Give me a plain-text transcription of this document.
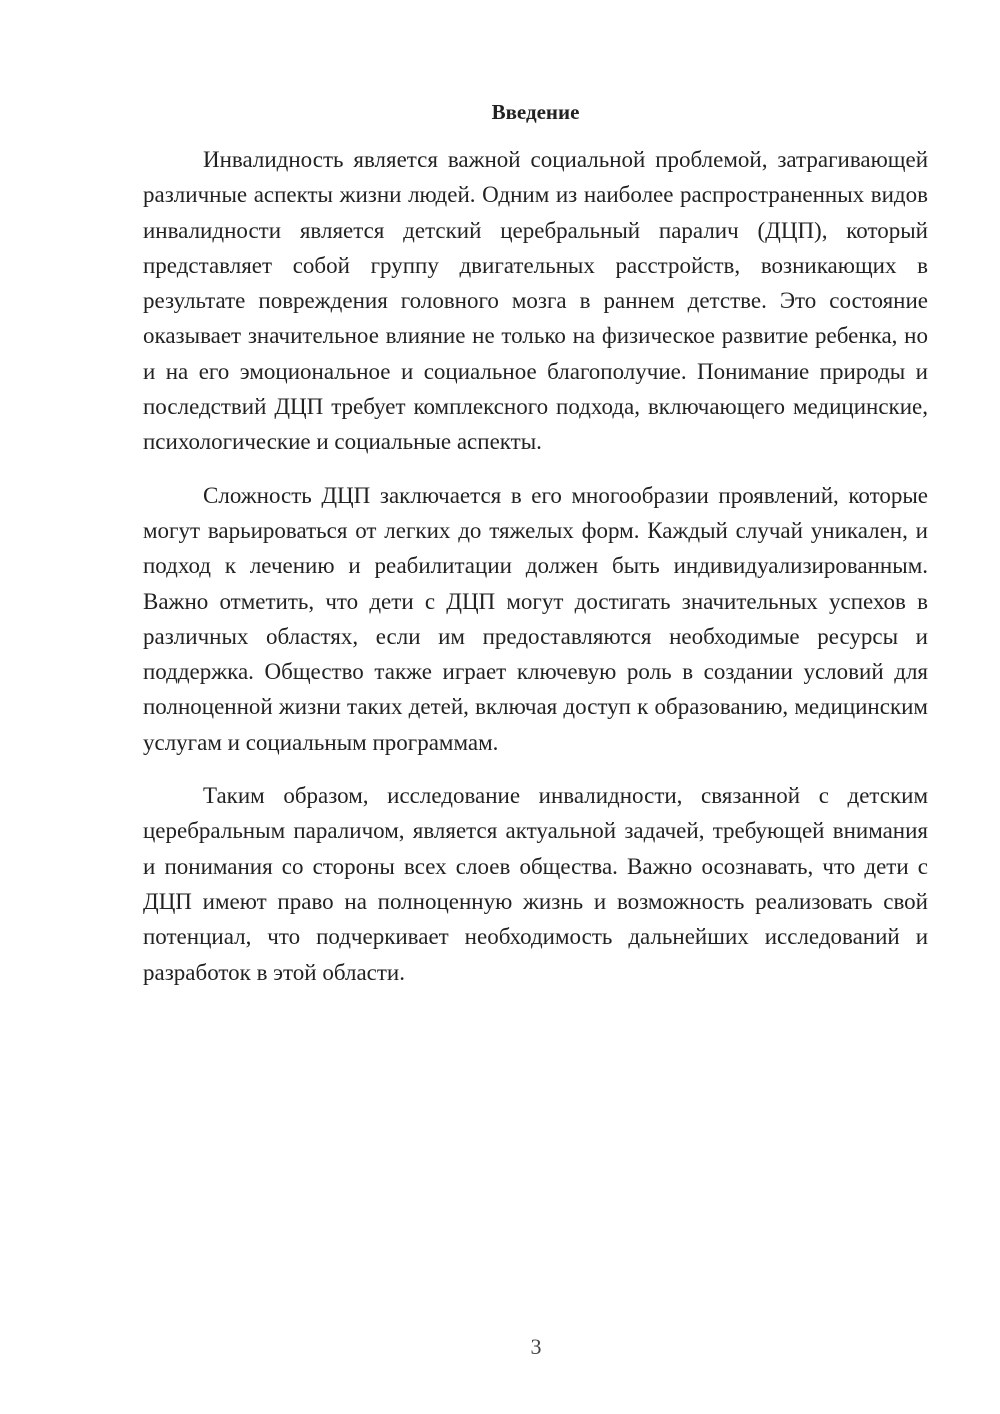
Введение

Инвалидность является важной социальной проблемой, затрагивающей различные аспекты жизни людей. Одним из наиболее распространенных видов инвалидности является детский церебральный паралич (ДЦП), который представляет собой группу двигательных расстройств, возникающих в результате повреждения головного мозга в раннем детстве. Это состояние оказывает значительное влияние не только на физическое развитие ребенка, но и на его эмоциональное и социальное благополучие. Понимание природы и последствий ДЦП требует комплексного подхода, включающего медицинские, психологические и социальные аспекты.

Сложность ДЦП заключается в его многообразии проявлений, которые могут варьироваться от легких до тяжелых форм. Каждый случай уникален, и подход к лечению и реабилитации должен быть индивидуализированным. Важно отметить, что дети с ДЦП могут достигать значительных успехов в различных областях, если им предоставляются необходимые ресурсы и поддержка. Общество также играет ключевую роль в создании условий для полноценной жизни таких детей, включая доступ к образованию, медицинским услугам и социальным программам.

Таким образом, исследование инвалидности, связанной с детским церебральным параличом, является актуальной задачей, требующей внимания и понимания со стороны всех слоев общества. Важно осознавать, что дети с ДЦП имеют право на полноценную жизнь и возможность реализовать свой потенциал, что подчеркивает необходимость дальнейших исследований и разработок в этой области.

3
